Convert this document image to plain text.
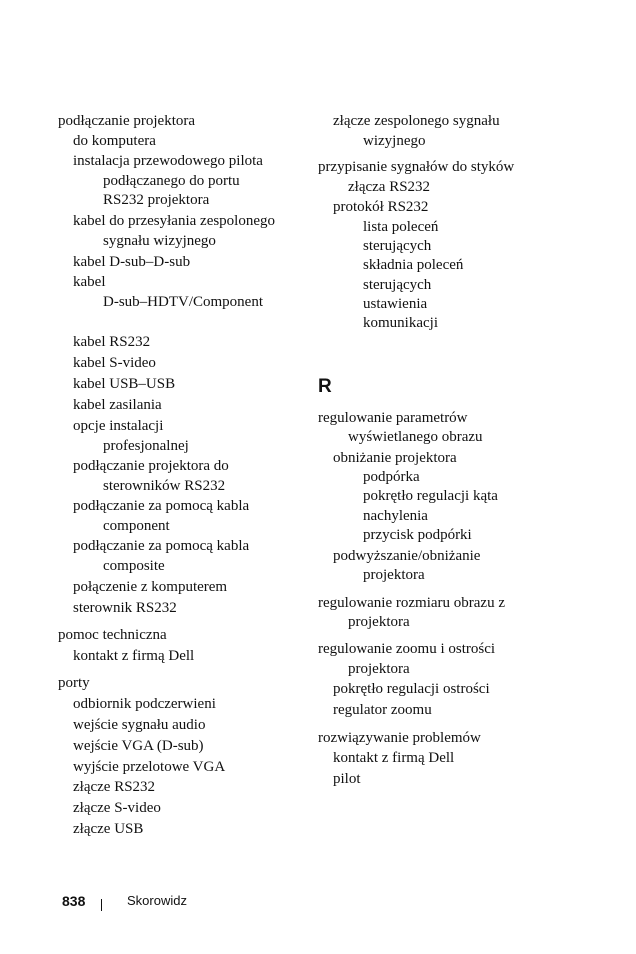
podłączanie projektora
do komputera
instalacja przewodowego pilota
podłączanego do portu
RS232 projektora
kabel do przesyłania zespolonego
sygnału wizyjnego
kabel D-sub–D-sub
kabel
D-sub–HDTV/Component
kabel RS232
kabel S-video
kabel USB–USB
kabel zasilania
opcje instalacji
profesjonalnej
podłączanie projektora do
sterowników RS232
podłączanie za pomocą kabla
component
podłączanie za pomocą kabla
composite
połączenie z komputerem
sterownik RS232
pomoc techniczna
kontakt z firmą Dell
porty
odbiornik podczerwieni
wejście sygnału audio
wejście VGA (D-sub)
wyjście przelotowe VGA
złącze RS232
złącze S-video
złącze USB
złącze zespolonego sygnału
wizyjnego
przypisanie sygnałów do styków
złącza RS232
protokół RS232
lista poleceń
sterujących
składnia poleceń
sterujących
ustawienia
komunikacji
R
regulowanie parametrów
wyświetlanego obrazu
obniżanie projektora
podpórka
pokrętło regulacji kąta
nachylenia
przycisk podpórki
podwyższanie/obniżanie
projektora
regulowanie rozmiaru obrazu z
projektora
regulowanie zoomu i ostrości
projektora
pokrętło regulacji ostrości
regulator zoomu
rozwiązywanie problemów
kontakt z firmą Dell
pilot
838	Skorowidz
